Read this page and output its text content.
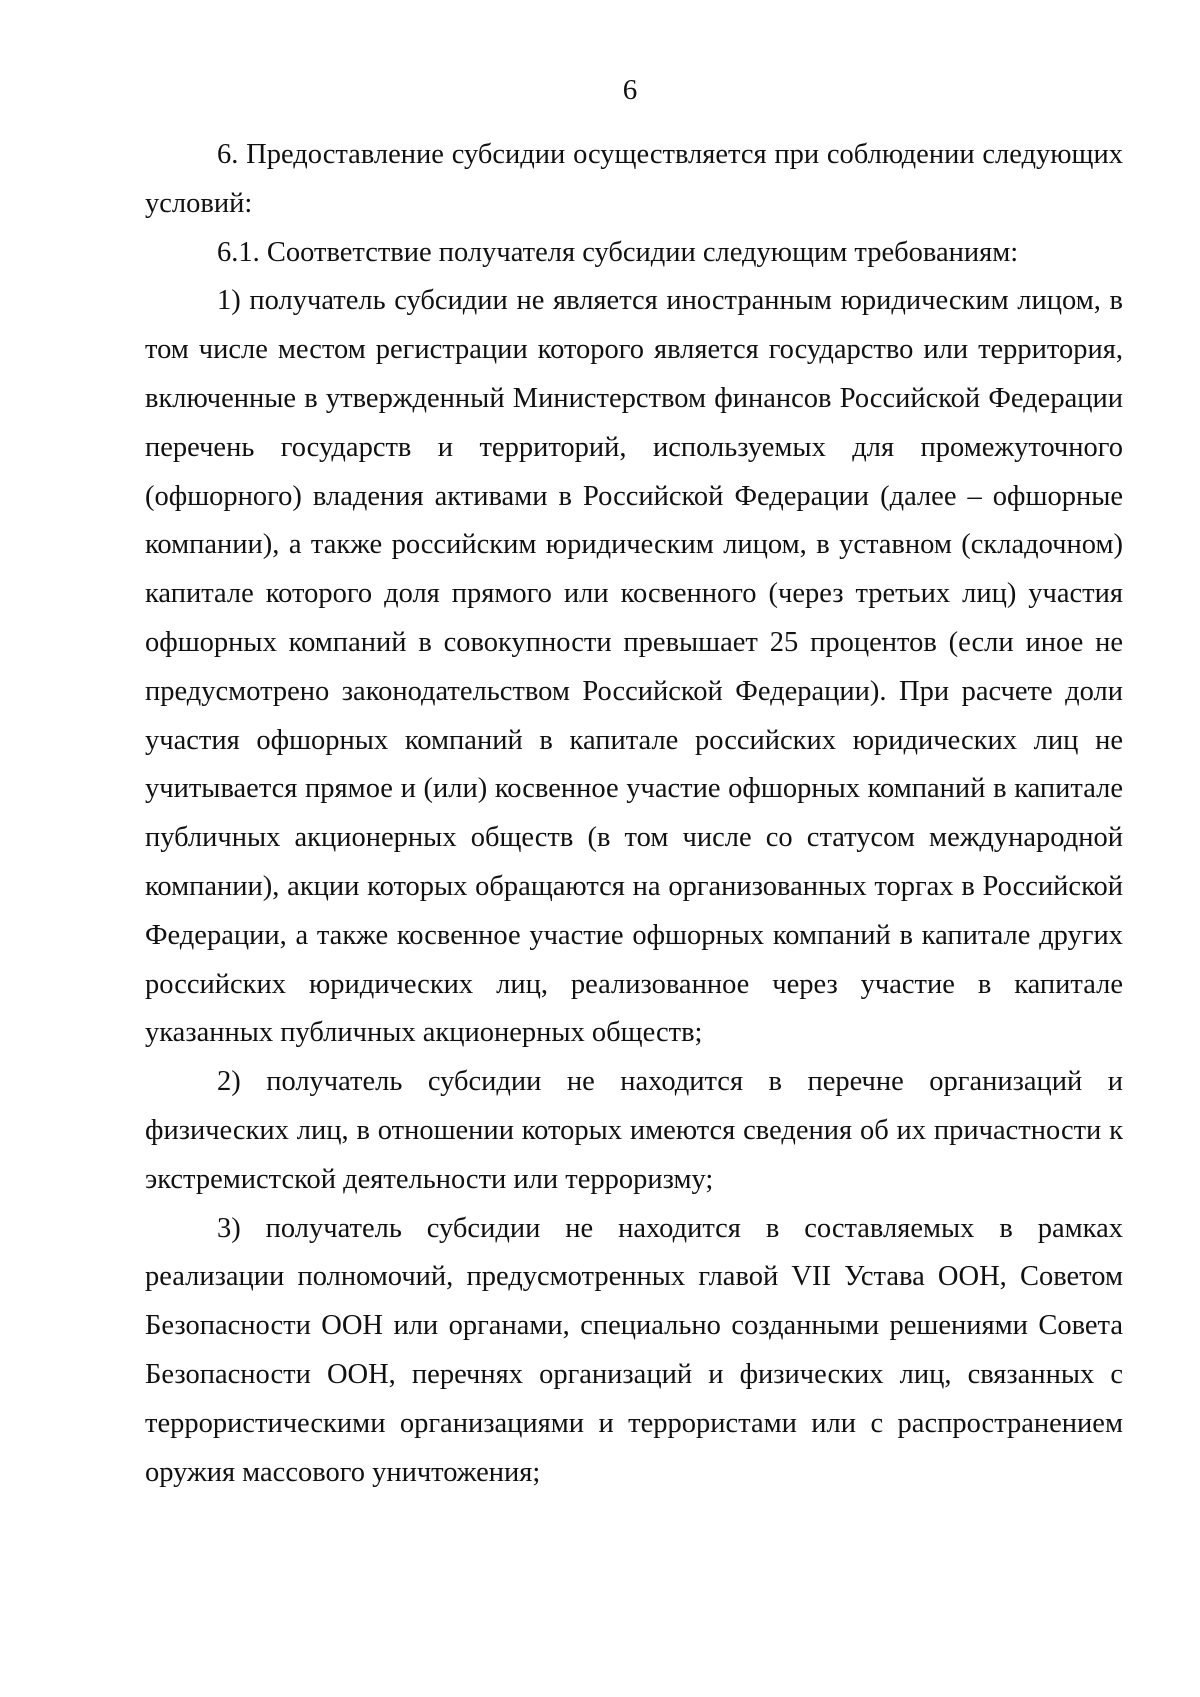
6

6. Предоставление субсидии осуществляется при соблюдении следующих условий:

6.1. Соответствие получателя субсидии следующим требованиям:

1) получатель субсидии не является иностранным юридическим лицом, в том числе местом регистрации которого является государство или территория, включенные в утвержденный Министерством финансов Российской Федерации перечень государств и территорий, используемых для промежуточного (офшорного) владения активами в Российской Федерации (далее – офшорные компании), а также российским юридическим лицом, в уставном (складочном) капитале которого доля прямого или косвенного (через третьих лиц) участия офшорных компаний в совокупности превышает 25 процентов (если иное не предусмотрено законодательством Российской Федерации). При расчете доли участия офшорных компаний в капитале российских юридических лиц не учитывается прямое и (или) косвенное участие офшорных компаний в капитале публичных акционерных обществ (в том числе со статусом международной компании), акции которых обращаются на организованных торгах в Российской Федерации, а также косвенное участие офшорных компаний в капитале других российских юридических лиц, реализованное через участие в капитале указанных публичных акционерных обществ;

2) получатель субсидии не находится в перечне организаций и физических лиц, в отношении которых имеются сведения об их причастности к экстремистской деятельности или терроризму;

3) получатель субсидии не находится в составляемых в рамках реализации полномочий, предусмотренных главой VII Устава ООН, Советом Безопасности ООН или органами, специально созданными решениями Совета Безопасности ООН, перечнях организаций и физических лиц, связанных с террористическими организациями и террористами или с распространением оружия массового уничтожения;
